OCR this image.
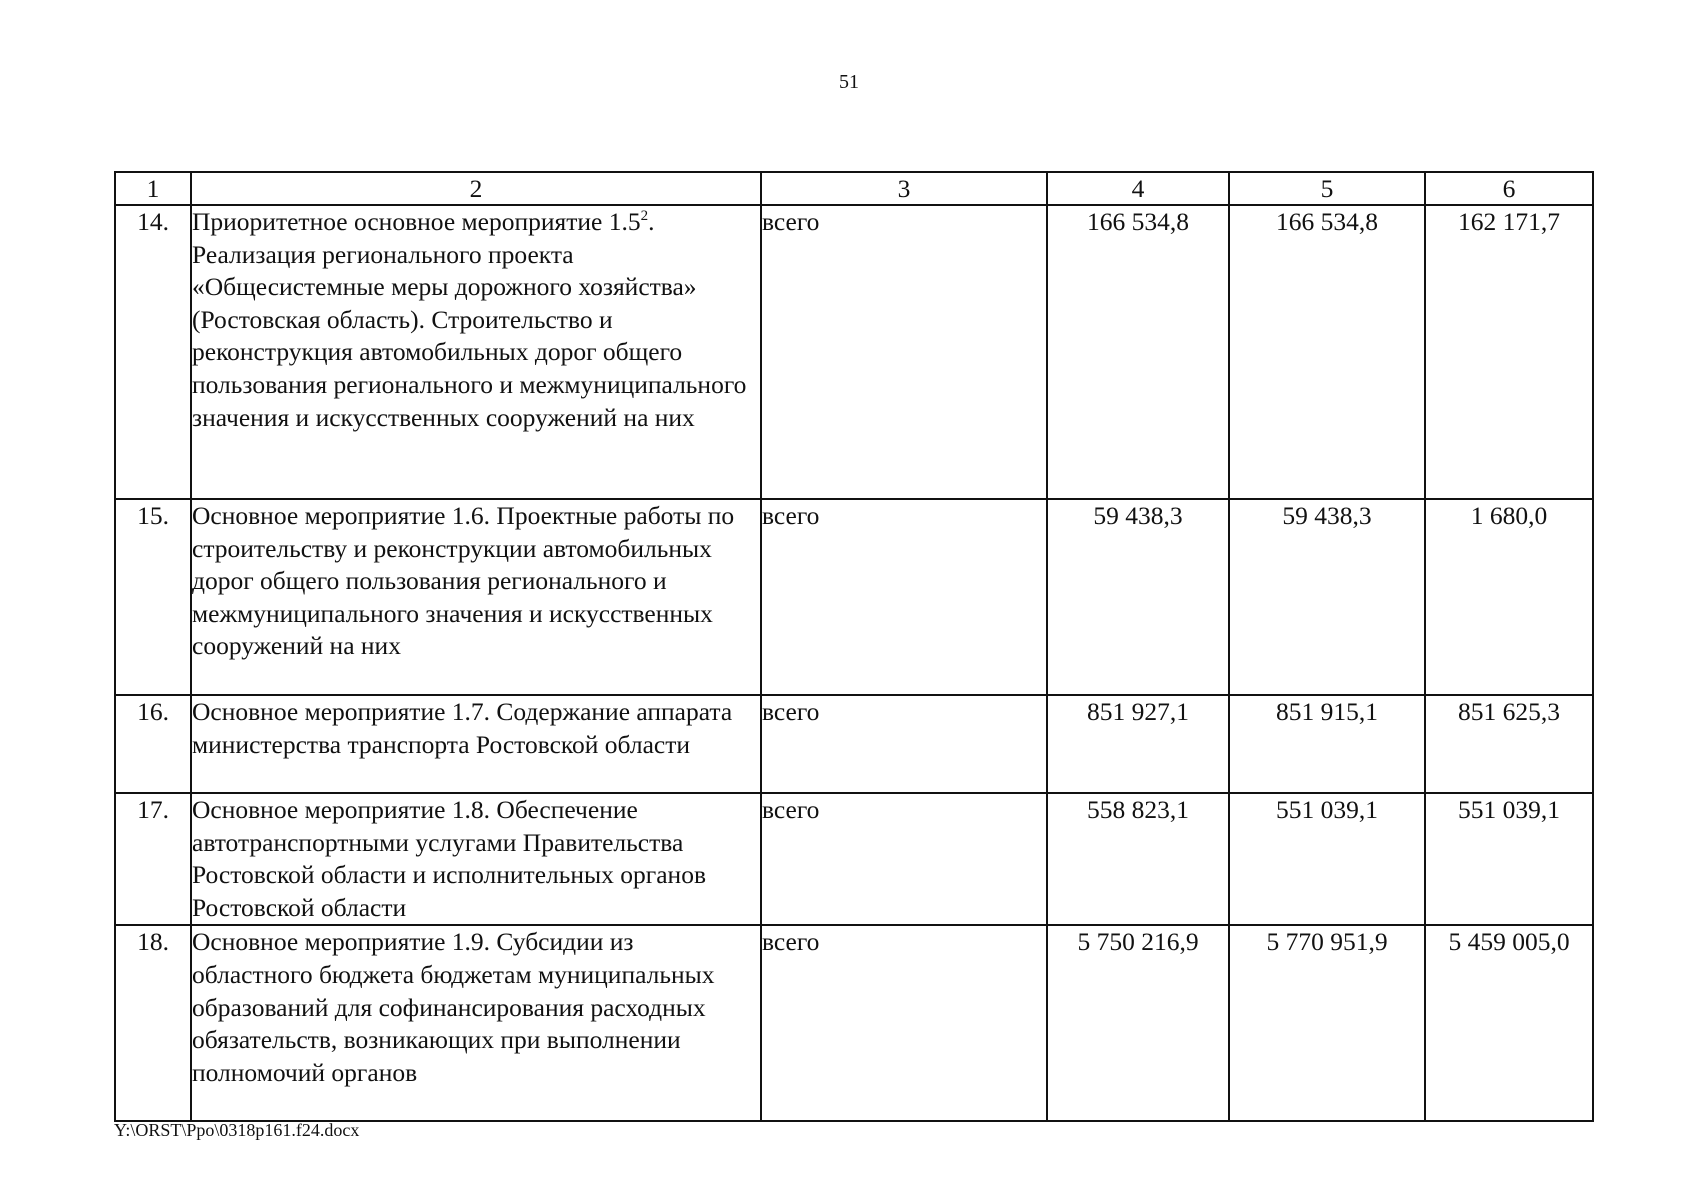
51
1	2	3	4	5	6
14.	Приоритетное основное мероприятие $1.5^2$. Реализация регионального проекта «Общесистемные меры дорожного хозяйства» (Ростовская область). Строительство и реконструкция автомобильных дорог общего пользования регионального и межмуниципального значения и искусственных сооружений на них	всего	166 534,8	166 534,8	162 171,7
15.	Основное мероприятие 1.6. Проектные работы по строительству и реконструкции автомобильных дорог общего пользования регионального и межмуниципального значения и искусственных сооружений на них	всего	59 438,3	59 438,3	1 680,0
16.	Основное мероприятие 1.7. Содержание аппарата министерства транспорта Ростовской области	всего	851 927,1	851 915,1	851 625,3
17.	Основное мероприятие 1.8. Обеспечение автотранспортными услугами Правительства Ростовской области и исполнительных органов Ростовской области	всего	558 823,1	551 039,1	551 039,1
18.	Основное мероприятие 1.9. Субсидии из областного бюджета бюджетам муниципальных образований для софинансирования расходных обязательств, возникающих при выполнении полномочий органов	всего	5 750 216,9	5 770 951,9	5 459 005,0
Y:\ORST\Ppo\0318p161.f24.docx
